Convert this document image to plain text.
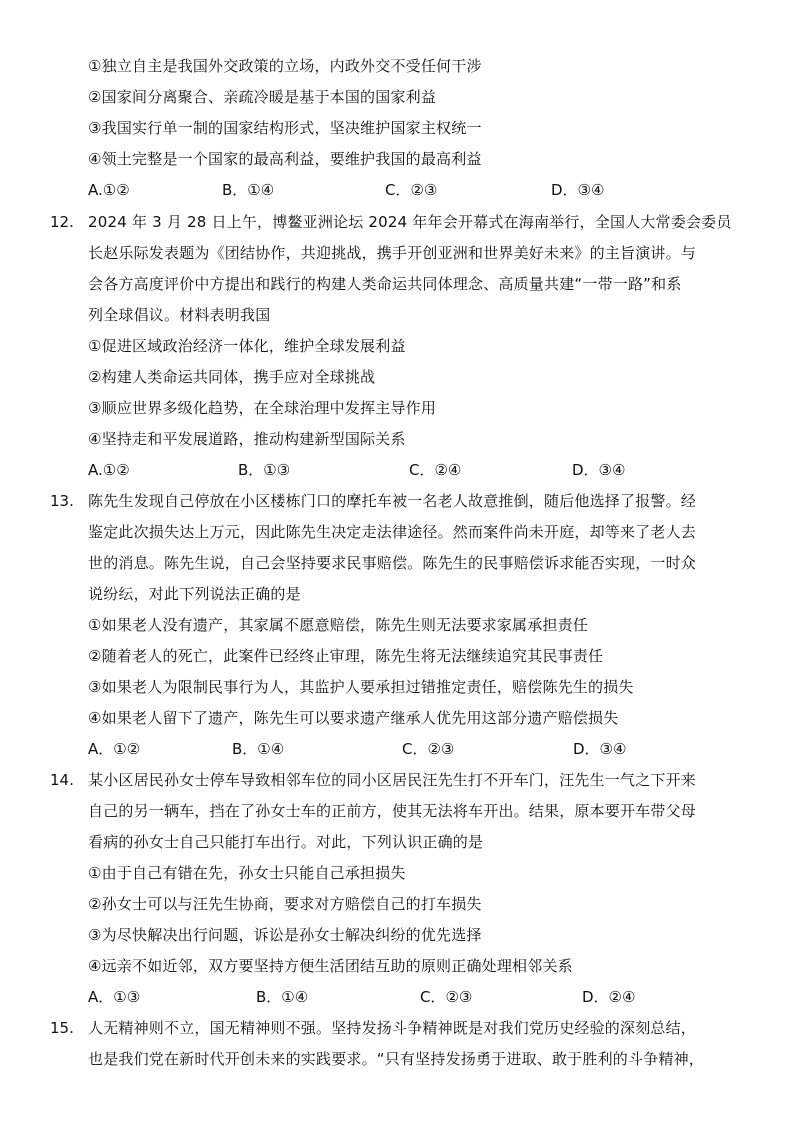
①独立自主是我国外交政策的立场，内政外交不受任何干涉
②国家间分离聚合、亲疏冷暖是基于本国的国家利益
③我国实行单一制的国家结构形式，坚决维护国家主权统一
④领土完整是一个国家的最高利益，要维护我国的最高利益
A.①②	B．①④	C．②③	D．③④
12. 2024 年 3 月 28 日上午，博鳌亚洲论坛 2024 年年会开幕式在海南举行，全国人大常委会委员
长赵乐际发表题为《团结协作，共迎挑战，携手开创亚洲和世界美好未来》的主旨演讲。与
会各方高度评价中方提出和践行的构建人类命运共同体理念、高质量共建“一带一路”和系
列全球倡议。材料表明我国
①促进区域政治经济一体化，维护全球发展利益
②构建人类命运共同体，携手应对全球挑战
③顺应世界多级化趋势，在全球治理中发挥主导作用
④坚持走和平发展道路，推动构建新型国际关系
A.①②	B．①③	C．②④	D．③④
13. 陈先生发现自己停放在小区楼栋门口的摩托车被一名老人故意推倒，随后他选择了报警。经
鉴定此次损失达上万元，因此陈先生决定走法律途径。然而案件尚未开庭，却等来了老人去
世的消息。陈先生说，自己会坚持要求民事赔偿。陈先生的民事赔偿诉求能否实现，一时众
说纷纭，对此下列说法正确的是
①如果老人没有遗产，其家属不愿意赔偿，陈先生则无法要求家属承担责任
②随着老人的死亡，此案件已经终止审理，陈先生将无法继续追究其民事责任
③如果老人为限制民事行为人，其监护人要承担过错推定责任，赔偿陈先生的损失
④如果老人留下了遗产，陈先生可以要求遗产继承人优先用这部分遗产赔偿损失
A．①②	B．①④	C．②③	D．③④
14. 某小区居民孙女士停车导致相邻车位的同小区居民汪先生打不开车门，汪先生一气之下开来
自己的另一辆车，挡在了孙女士车的正前方，使其无法将车开出。结果，原本要开车带父母
看病的孙女士自己只能打车出行。对此，下列认识正确的是
①由于自己有错在先，孙女士只能自己承担损失
②孙女士可以与汪先生协商，要求对方赔偿自己的打车损失
③为尽快解决出行问题，诉讼是孙女士解决纠纷的优先选择
④远亲不如近邻，双方要坚持方便生活团结互助的原则正确处理相邻关系
A．①③	B．①④	C．②③	D．②④
15. 人无精神则不立，国无精神则不强。坚持发扬斗争精神既是对我们党历史经验的深刻总结，
也是我们党在新时代开创未来的实践要求。“只有坚持发扬勇于进取、敢于胜利的斗争精神，
